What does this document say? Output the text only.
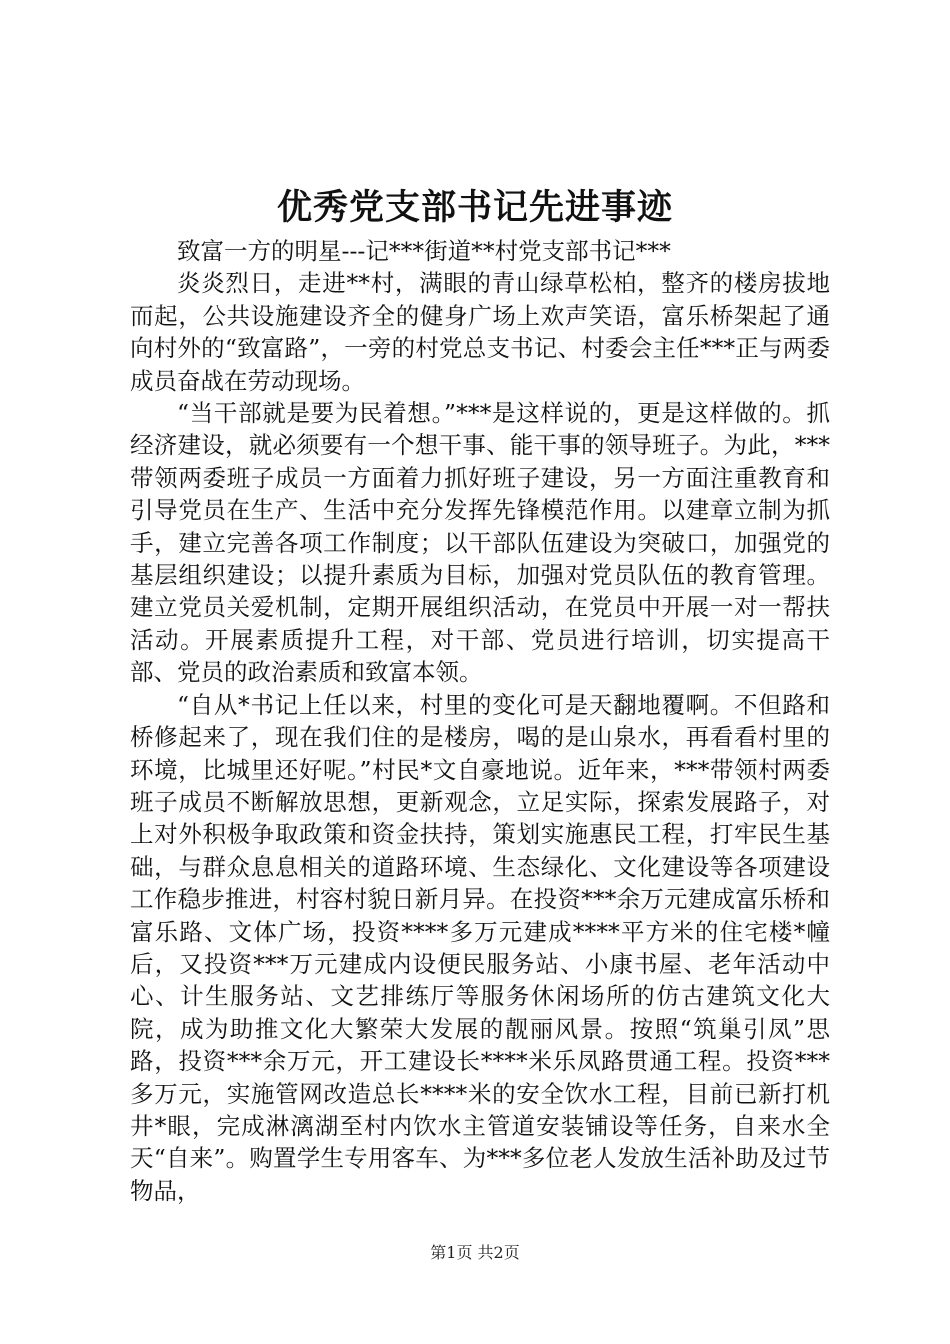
优秀党支部书记先进事迹

致富一方的明星---记***街道**村党支部书记***

炎炎烈日，走进**村，满眼的青山绿草松柏，整齐的楼房拔地而起，公共设施建设齐全的健身广场上欢声笑语，富乐桥架起了通向村外的“致富路”，一旁的村党总支书记、村委会主任***正与两委成员奋战在劳动现场。

“当干部就是要为民着想。”***是这样说的，更是这样做的。抓经济建设，就必须要有一个想干事、能干事的领导班子。为此，***带领两委班子成员一方面着力抓好班子建设，另一方面注重教育和引导党员在生产、生活中充分发挥先锋模范作用。以建章立制为抓手，建立完善各项工作制度；以干部队伍建设为突破口，加强党的基层组织建设；以提升素质为目标，加强对党员队伍的教育管理。建立党员关爱机制，定期开展组织活动，在党员中开展一对一帮扶活动。开展素质提升工程，对干部、党员进行培训，切实提高干部、党员的政治素质和致富本领。

“自从*书记上任以来，村里的变化可是天翻地覆啊。不但路和桥修起来了，现在我们住的是楼房，喝的是山泉水，再看看村里的环境，比城里还好呢。”村民*文自豪地说。近年来，***带领村两委班子成员不断解放思想，更新观念，立足实际，探索发展路子，对上对外积极争取政策和资金扶持，策划实施惠民工程，打牢民生基础，与群众息息相关的道路环境、生态绿化、文化建设等各项建设工作稳步推进，村容村貌日新月异。在投资***余万元建成富乐桥和富乐路、文体广场，投资****多万元建成****平方米的住宅楼*幢后，又投资***万元建成内设便民服务站、小康书屋、老年活动中心、计生服务站、文艺排练厅等服务休闲场所的仿古建筑文化大院，成为助推文化大繁荣大发展的靓丽风景。按照“筑巢引凤”思路，投资***余万元，开工建设长****米乐凤路贯通工程。投资***多万元，实施管网改造总长****米的安全饮水工程，目前已新打机井*眼，完成淋漓湖至村内饮水主管道安装铺设等任务，自来水全天“自来”。购置学生专用客车、为***多位老人发放生活补助及过节物品，

第1页 共2页
